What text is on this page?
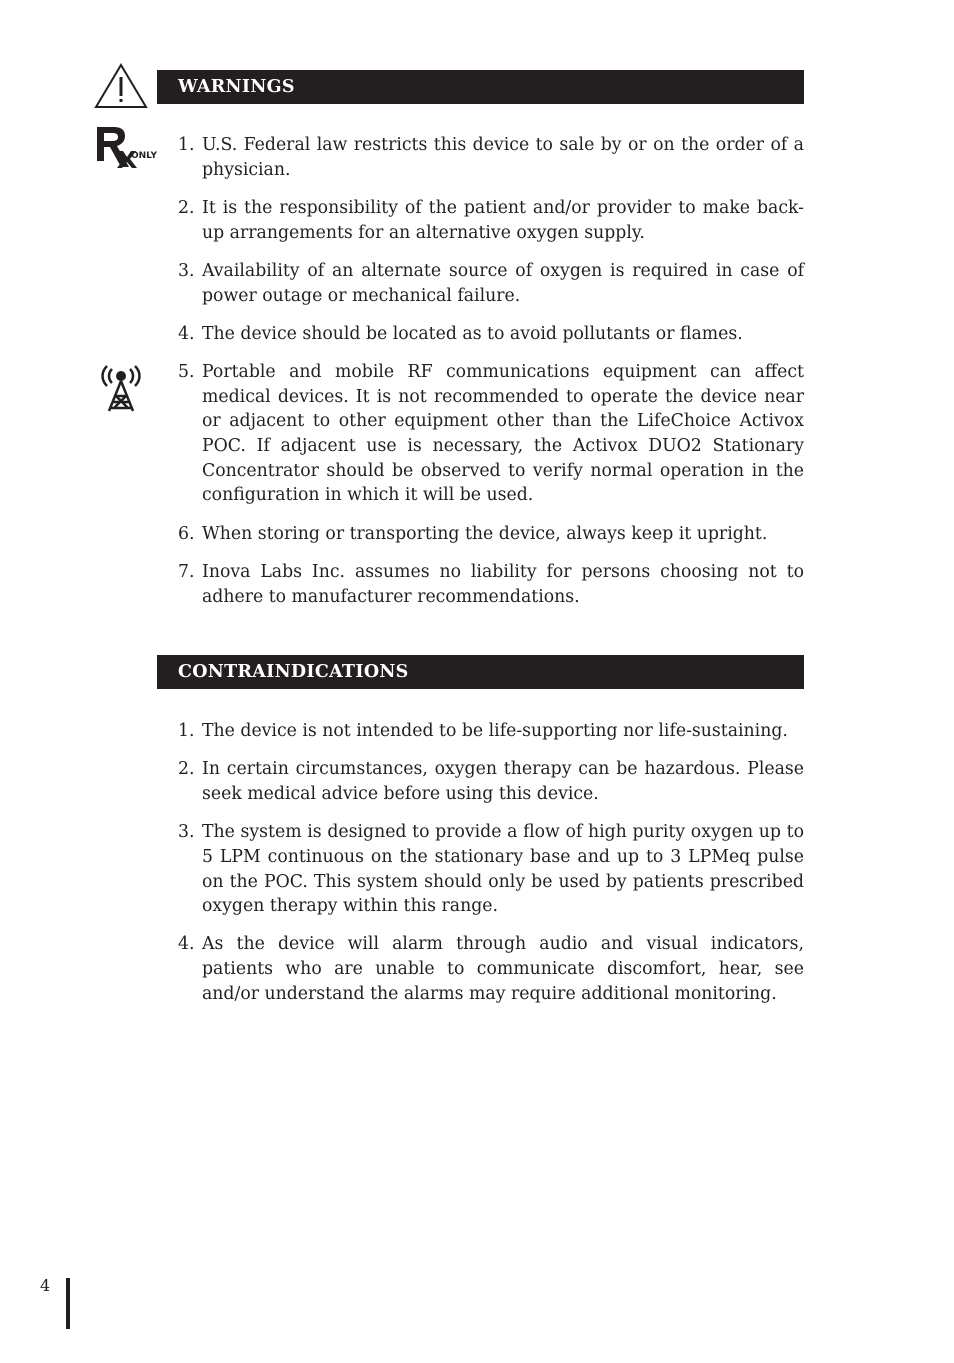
WARNINGS
ONLY
1. U.S. Federal law restricts this device to sale by or on the order of a physician.
2. It is the responsibility of the patient and/or provider to make back-up arrangements for an alternative oxygen supply.
3. Availability of an alternate source of oxygen is required in case of power outage or mechanical failure.
4. The device should be located as to avoid pollutants or flames.
5. Portable and mobile RF communications equipment can affect medical devices. It is not recommended to operate the device near or adjacent to other equipment other than the LifeChoice Activox POC. If adjacent use is necessary, the Activox DUO2 Stationary Concentrator should be observed to verify normal operation in the configuration in which it will be used.
6. When storing or transporting the device, always keep it upright.
7. Inova Labs Inc. assumes no liability for persons choosing not to adhere to manufacturer recommendations.
CONTRAINDICATIONS
1. The device is not intended to be life-supporting nor life-sustaining.
2. In certain circumstances, oxygen therapy can be hazardous. Please seek medical advice before using this device.
3. The system is designed to provide a flow of high purity oxygen up to 5 LPM continuous on the stationary base and up to 3 LPMeq pulse on the POC. This system should only be used by patients prescribed oxygen therapy within this range.
4. As the device will alarm through audio and visual indicators, patients who are unable to communicate discomfort, hear, see and/or understand the alarms may require additional monitoring.
4
